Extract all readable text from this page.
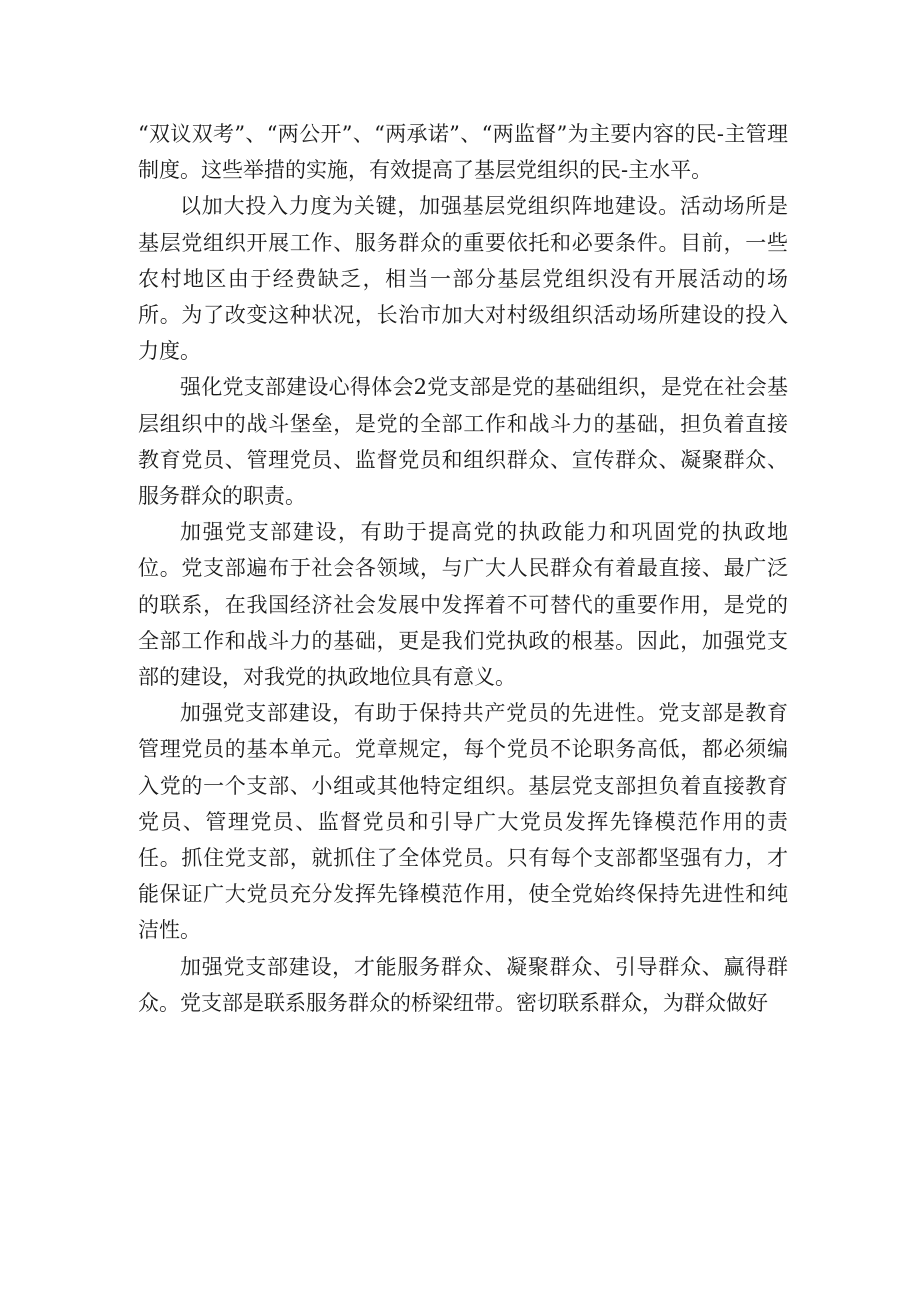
“双议双考”、“两公开”、“两承诺”、“两监督”为主要内容的民-主管理制度。这些举措的实施，有效提高了基层党组织的民-主水平。

以加大投入力度为关键，加强基层党组织阵地建设。活动场所是基层党组织开展工作、服务群众的重要依托和必要条件。目前，一些农村地区由于经费缺乏，相当一部分基层党组织没有开展活动的场所。为了改变这种状况，长治市加大对村级组织活动场所建设的投入力度。

强化党支部建设心得体会2党支部是党的基础组织，是党在社会基层组织中的战斗堡垒，是党的全部工作和战斗力的基础，担负着直接教育党员、管理党员、监督党员和组织群众、宣传群众、凝聚群众、服务群众的职责。

加强党支部建设，有助于提高党的执政能力和巩固党的执政地位。党支部遍布于社会各领域，与广大人民群众有着最直接、最广泛的联系，在我国经济社会发展中发挥着不可替代的重要作用，是党的全部工作和战斗力的基础，更是我们党执政的根基。因此，加强党支部的建设，对我党的执政地位具有意义。

加强党支部建设，有助于保持共产党员的先进性。党支部是教育管理党员的基本单元。党章规定，每个党员不论职务高低，都必须编入党的一个支部、小组或其他特定组织。基层党支部担负着直接教育党员、管理党员、监督党员和引导广大党员发挥先锋模范作用的责任。抓住党支部，就抓住了全体党员。只有每个支部都坚强有力，才能保证广大党员充分发挥先锋模范作用，使全党始终保持先进性和纯洁性。

加强党支部建设，才能服务群众、凝聚群众、引导群众、赢得群众。党支部是联系服务群众的桥梁纽带。密切联系群众，为群众做好
